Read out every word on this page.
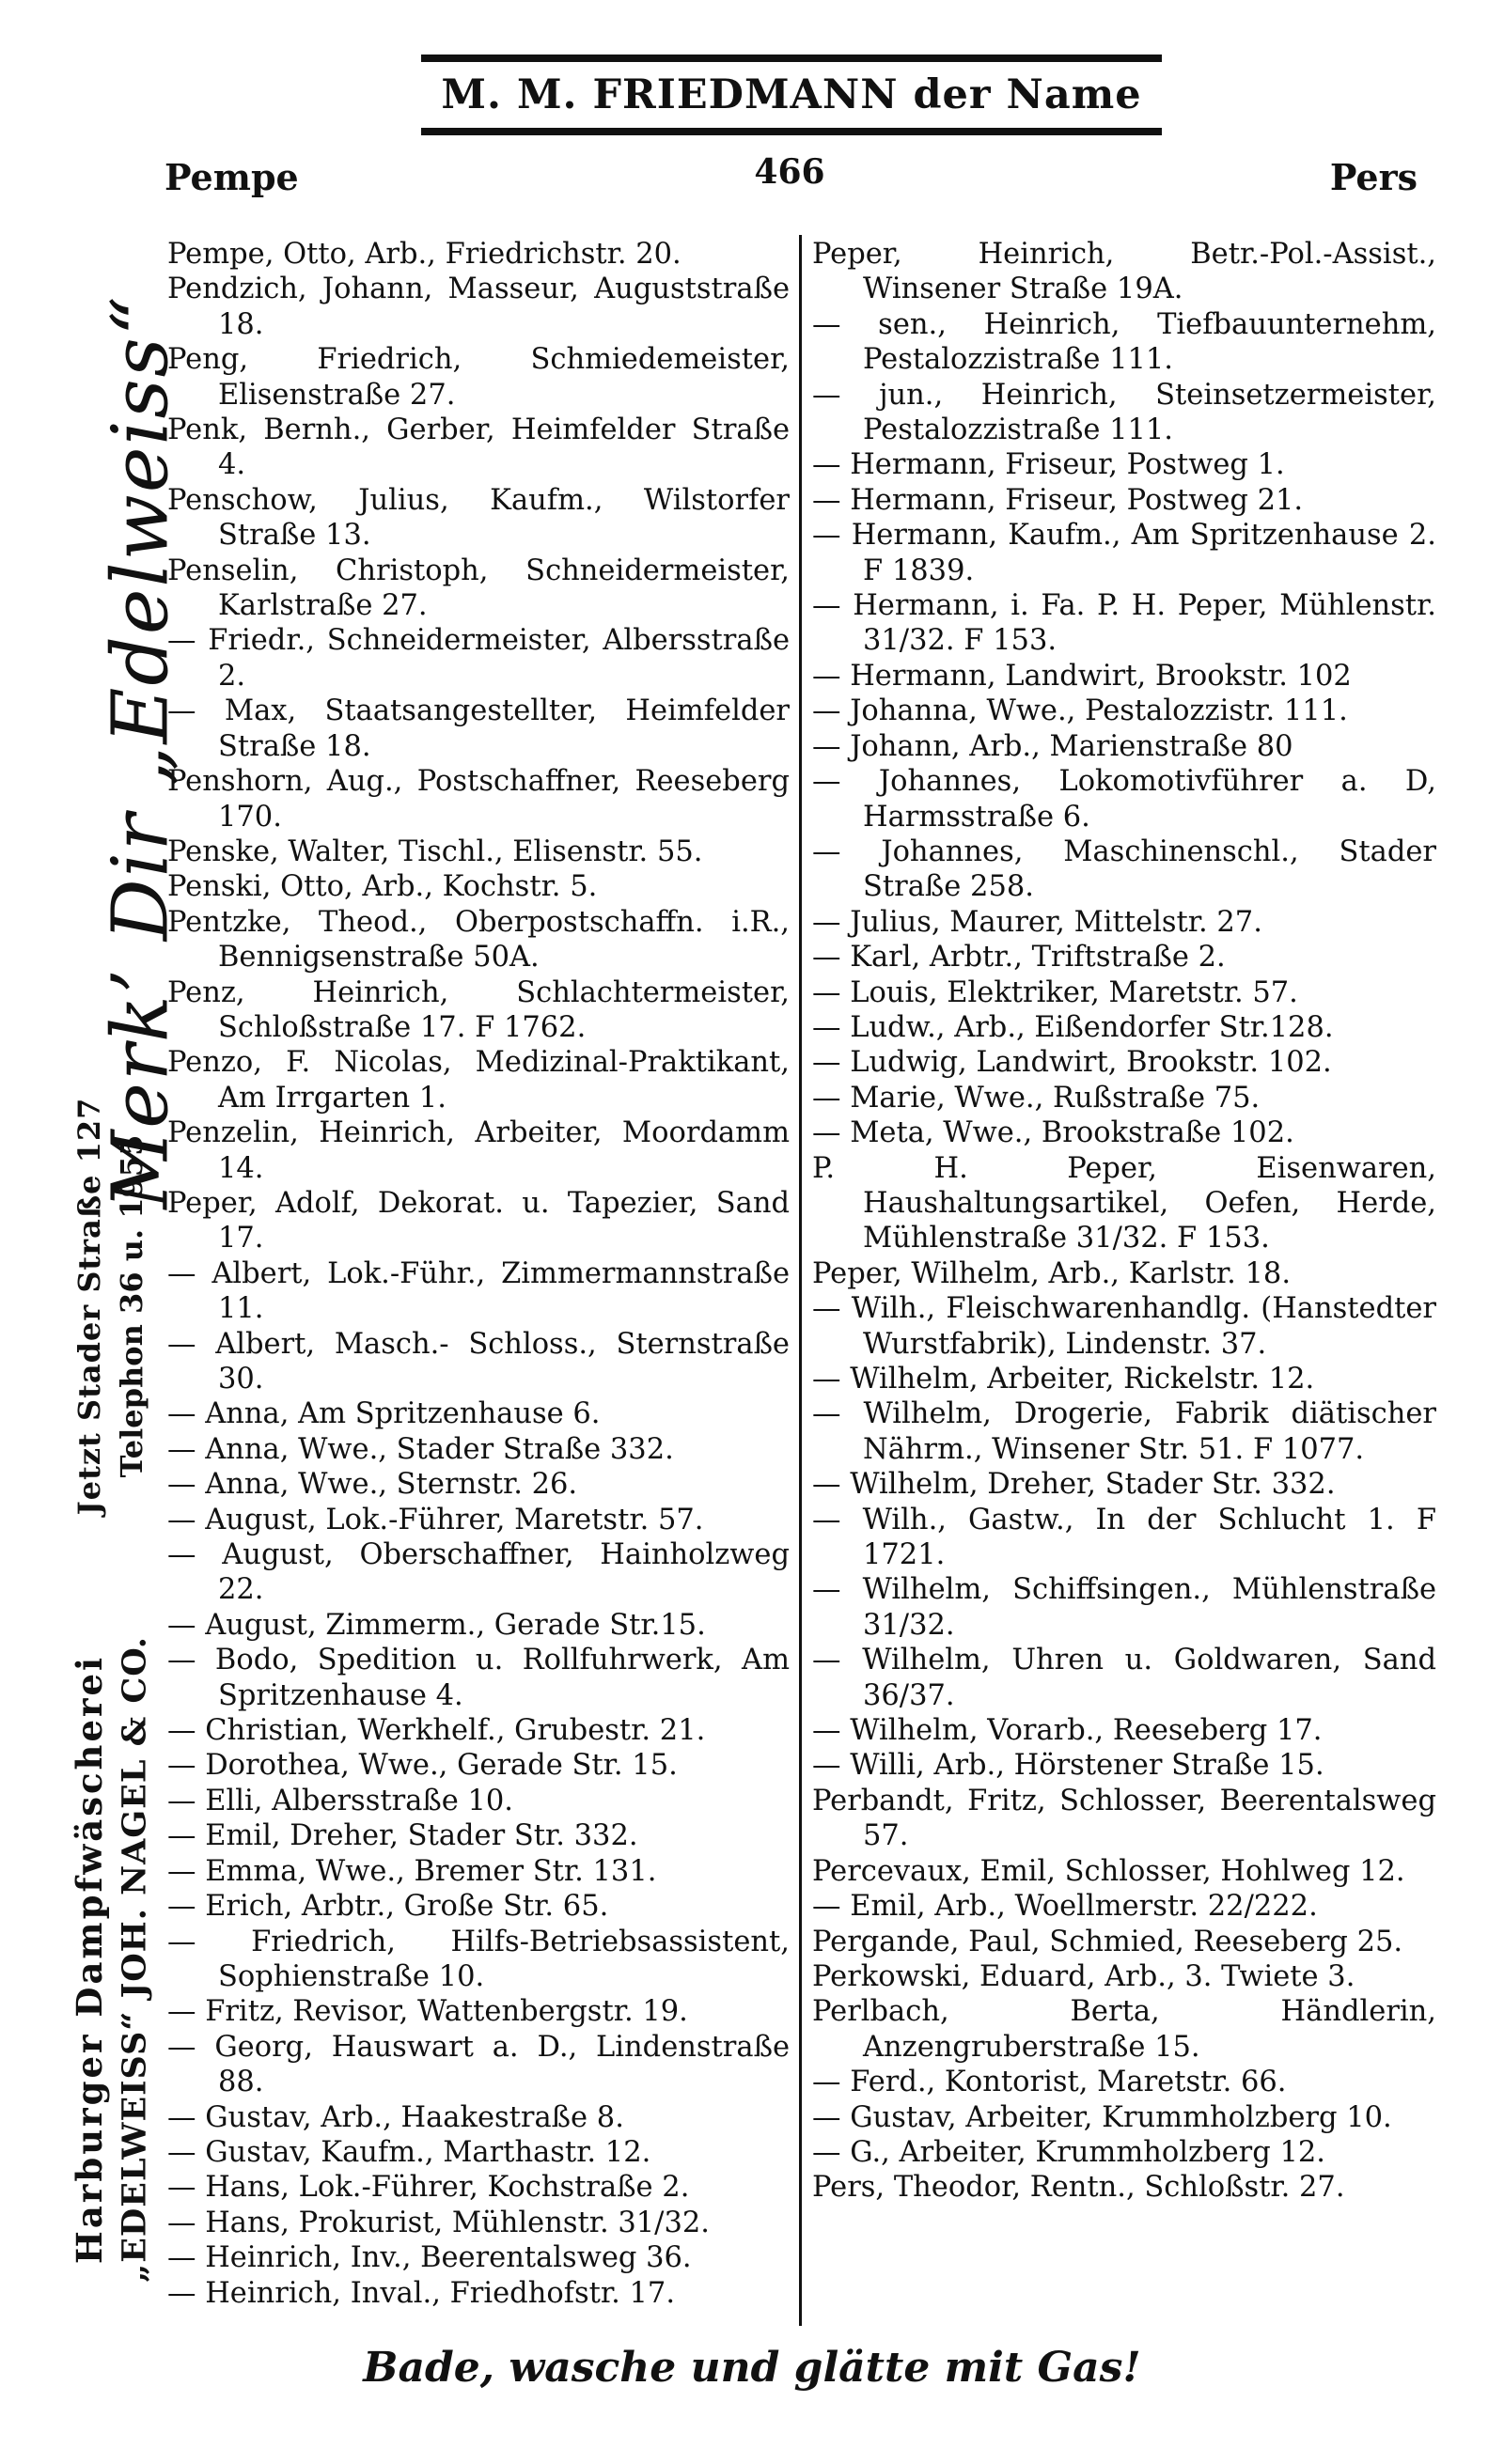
M. M. FRIEDMANN der Name
Pempe	466	Pers
Merk’ Dir „Edelweiss“
Jetzt Stader Straße 127 Telephon 36 u. 1955
Harburger Dampfwäscherei „EDELWEISS“ JOH. NAGEL & CO.
Pempe, Otto, Arb., Friedrichstr. 20.
Pendzich, Johann, Masseur, Auguststraße 18.
Peng, Friedrich, Schmiedemeister, Elisenstraße 27.
Penk, Bernh., Gerber, Heimfelder Straße 4.
Penschow, Julius, Kaufm., Wilstorfer Straße 13.
Penselin, Christoph, Schneidermeister, Karlstraße 27.
— Friedr., Schneidermeister, Albersstraße 2.
— Max, Staatsangestellter, Heimfelder Straße 18.
Penshorn, Aug., Postschaffner, Reeseberg 170.
Penske, Walter, Tischl., Elisenstr. 55.
Penski, Otto, Arb., Kochstr. 5.
Pentzke, Theod., Oberpostschaffn. i.R., Bennigsenstraße 50A.
Penz, Heinrich, Schlachtermeister, Schloßstraße 17. F 1762.
Penzo, F. Nicolas, Medizinal-Praktikant, Am Irrgarten 1.
Penzelin, Heinrich, Arbeiter, Moordamm 14.
Peper, Adolf, Dekorat. u. Tapezier, Sand 17.
— Albert, Lok.-Führ., Zimmermannstraße 11.
— Albert, Masch.- Schloss., Sternstraße 30.
— Anna, Am Spritzenhause 6.
— Anna, Wwe., Stader Straße 332.
— Anna, Wwe., Sternstr. 26.
— August, Lok.-Führer, Maretstr. 57.
— August, Oberschaffner, Hainholzweg 22.
— August, Zimmerm., Gerade Str.15.
— Bodo, Spedition u. Rollfuhrwerk, Am Spritzenhause 4.
— Christian, Werkhelf., Grubestr. 21.
— Dorothea, Wwe., Gerade Str. 15.
— Elli, Albersstraße 10.
— Emil, Dreher, Stader Str. 332.
— Emma, Wwe., Bremer Str. 131.
— Erich, Arbtr., Große Str. 65.
— Friedrich, Hilfs-Betriebsassistent, Sophienstraße 10.
— Fritz, Revisor, Wattenbergstr. 19.
— Georg, Hauswart a. D., Lindenstraße 88.
— Gustav, Arb., Haakestraße 8.
— Gustav, Kaufm., Marthastr. 12.
— Hans, Lok.-Führer, Kochstraße 2.
— Hans, Prokurist, Mühlenstr. 31/32.
— Heinrich, Inv., Beerentalsweg 36.
— Heinrich, Inval., Friedhofstr. 17.
Peper, Heinrich, Betr.-Pol.-Assist., Winsener Straße 19A.
— sen., Heinrich, Tiefbauunternehm, Pestalozzistraße 111.
— jun., Heinrich, Steinsetzermeister, Pestalozzistraße 111.
— Hermann, Friseur, Postweg 1.
— Hermann, Friseur, Postweg 21.
— Hermann, Kaufm., Am Spritzenhause 2. F 1839.
— Hermann, i. Fa. P. H. Peper, Mühlenstr. 31/32. F 153.
— Hermann, Landwirt, Brookstr. 102
— Johanna, Wwe., Pestalozzistr. 111.
— Johann, Arb., Marienstraße 80
— Johannes, Lokomotivführer a. D, Harmsstraße 6.
— Johannes, Maschinenschl., Stader Straße 258.
— Julius, Maurer, Mittelstr. 27.
— Karl, Arbtr., Triftstraße 2.
— Louis, Elektriker, Maretstr. 57.
— Ludw., Arb., Eißendorfer Str.128.
— Ludwig, Landwirt, Brookstr. 102.
— Marie, Wwe., Rußstraße 75.
— Meta, Wwe., Brookstraße 102.
P. H. Peper, Eisenwaren, Haushaltungsartikel, Oefen, Herde, Mühlenstraße 31/32. F 153.
Peper, Wilhelm, Arb., Karlstr. 18.
— Wilh., Fleischwarenhandlg. (Hanstedter Wurstfabrik), Lindenstr. 37.
— Wilhelm, Arbeiter, Rickelstr. 12.
— Wilhelm, Drogerie, Fabrik diätischer Nährm., Winsener Str. 51. F 1077.
— Wilhelm, Dreher, Stader Str. 332.
— Wilh., Gastw., In der Schlucht 1. F 1721.
— Wilhelm, Schiffsingen., Mühlenstraße 31/32.
— Wilhelm, Uhren u. Goldwaren, Sand 36/37.
— Wilhelm, Vorarb., Reeseberg 17.
— Willi, Arb., Hörstener Straße 15.
Perbandt, Fritz, Schlosser, Beerentalsweg 57.
Percevaux, Emil, Schlosser, Hohlweg 12.
— Emil, Arb., Woellmerstr. 22/222.
Pergande, Paul, Schmied, Reeseberg 25.
Perkowski, Eduard, Arb., 3. Twiete 3.
Perlbach, Berta, Händlerin, Anzengruberstraße 15.
— Ferd., Kontorist, Maretstr. 66.
— Gustav, Arbeiter, Krummholzberg 10.
— G., Arbeiter, Krummholzberg 12.
Pers, Theodor, Rentn., Schloßstr. 27.
Bade, wasche und glätte mit Gas!
